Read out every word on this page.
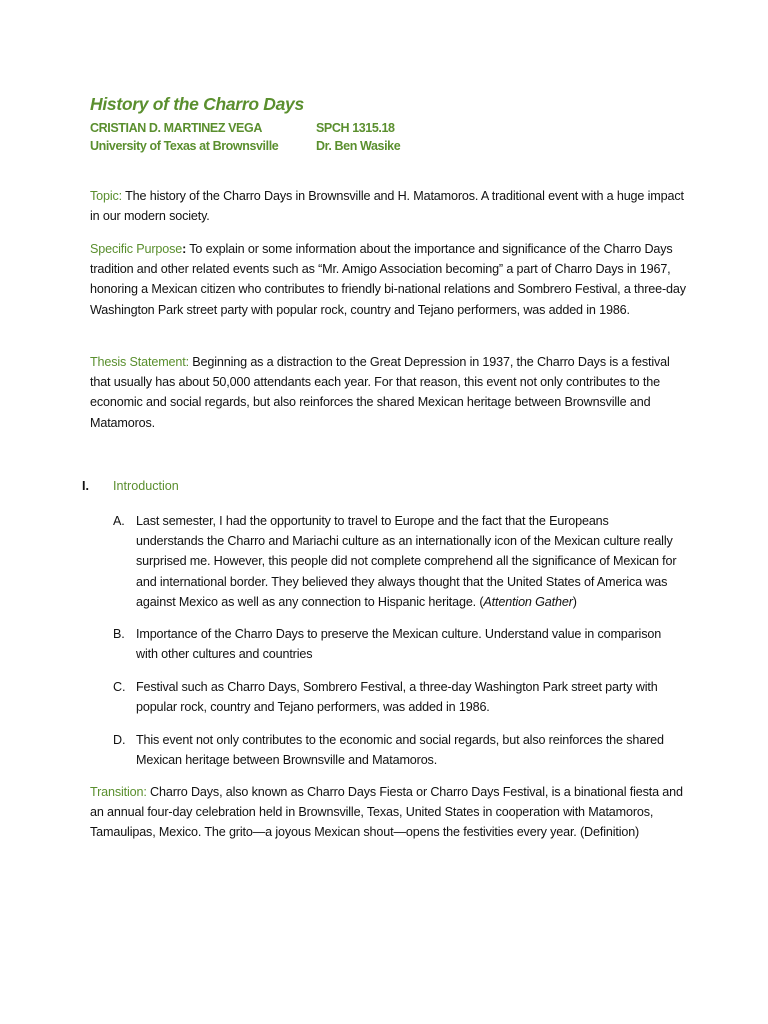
History of the Charro Days
CRISTIAN D. MARTINEZ VEGA	SPCH 1315.18
University of Texas at Brownsville	Dr. Ben Wasike
Topic: The history of the Charro Days in Brownsville and H. Matamoros. A traditional event with a huge impact in our modern society.
Specific Purpose: To explain or some information about the importance and significance of the Charro Days tradition and other related events such as “Mr. Amigo Association becoming” a part of Charro Days in 1967, honoring a Mexican citizen who contributes to friendly bi-national relations and Sombrero Festival, a three-day Washington Park street party with popular rock, country and Tejano performers, was added in 1986.
Thesis Statement: Beginning as a distraction to the Great Depression in 1937, the Charro Days is a festival that usually has about 50,000 attendants each year. For that reason, this event not only contributes to the economic and social regards, but also reinforces the shared Mexican heritage between Brownsville and Matamoros.
I. Introduction
A. Last semester, I had the opportunity to travel to Europe and the fact that the Europeans understands the Charro and Mariachi culture as an internationally icon of the Mexican culture really surprised me. However, this people did not complete comprehend all the significance of Mexican for and international border. They believed they always thought that the United States of America was against Mexico as well as any connection to Hispanic heritage. (Attention Gather)
B. Importance of the Charro Days to preserve the Mexican culture. Understand value in comparison with other cultures and countries
C. Festival such as Charro Days, Sombrero Festival, a three-day Washington Park street party with popular rock, country and Tejano performers, was added in 1986.
D. This event not only contributes to the economic and social regards, but also reinforces the shared Mexican heritage between Brownsville and Matamoros.
Transition: Charro Days, also known as Charro Days Fiesta or Charro Days Festival, is a binational fiesta and an annual four-day celebration held in Brownsville, Texas, United States in cooperation with Matamoros, Tamaulipas, Mexico. The grito—a joyous Mexican shout—opens the festivities every year. (Definition)
